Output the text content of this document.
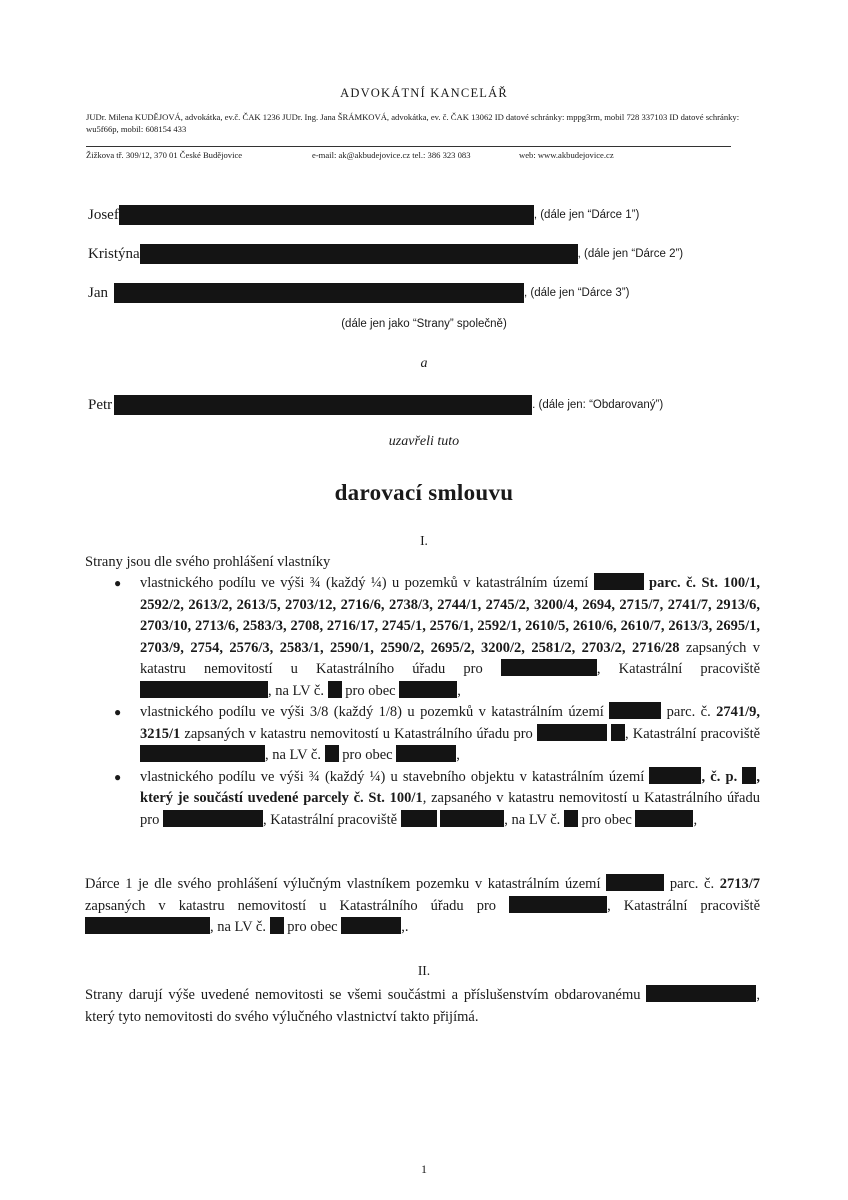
ADVOKÁTNÍ KANCELÁŘ
JUDr. Milena KUDĚJOVÁ, advokátka, ev.č. ČAK 1236 JUDr. Ing. Jana ŠRÁMKOVÁ, advokátka, ev. č. ČAK 13062 ID datové schránky: mppg3rm, mobil 728 337103 ID datové schránky: wu5f66p, mobil: 608154 433
Žižkova tř. 309/12, 370 01 České Budějovice	e-mail: ak@akbudejovice.cz tel.: 386 323 083	web: www.akbudejovice.cz
Josef	, (dále jen “Dárce 1”)
Kristýna	, (dále jen “Dárce 2”)
Jan	, (dále jen “Dárce 3”)
(dále jen jako “Strany” společně)
a
Petr	. (dále jen: “Obdarovaný”)
uzavřeli tuto
darovací smlouvu
I.
Strany jsou dle svého prohlášení vlastníky
● vlastnického podílu ve výši ¾ (každý ¼) u pozemků v katastrálním území	parc. č. St. 100/1, 2592/2, 2613/2, 2613/5, 2703/12, 2716/6, 2738/3, 2744/1, 2745/2, 3200/4, 2694, 2715/7, 2741/7, 2913/6, 2703/10, 2713/6, 2583/3, 2708, 2716/17, 2745/1, 2576/1, 2592/1, 2610/5, 2610/6, 2610/7, 2613/3, 2695/1, 2703/9, 2754, 2576/3, 2583/1, 2590/1, 2590/2, 2695/2, 3200/2, 2581/2, 2703/2, 2716/28 zapsaných v katastru nemovitostí u Katastrálního úřadu pro	, Katastrální pracoviště , na LV č. pro obec	,
● vlastnického podílu ve výši 3/8 (každý 1/8) u pozemků v katastrálním území	parc. č. 2741/9, 3215/1 zapsaných v katastru nemovitostí u Katastrálního úřadu pro	, Katastrální pracoviště , na LV č. pro obec	,
● vlastnického podílu ve výši ¾ (každý ¼) u stavebního objektu v katastrálním území	, č. p. , který je součástí uvedené parcely č. St. 100/1, zapsaného v katastru nemovitostí u Katastrálního úřadu pro	, Katastrální pracoviště	, na LV č. pro obec	,
Dárce 1 je dle svého prohlášení výlučným vlastníkem pozemku v katastrálním území	parc. č. 2713/7 zapsaných v katastru nemovitostí u Katastrálního úřadu pro	, Katastrální pracoviště , na LV č. pro obec	,.
II.
Strany darují výše uvedené nemovitosti se všemi součástmi a příslušenstvím obdarovanému	, který tyto nemovitosti do svého výlučného vlastnictví takto přijímá.
1
